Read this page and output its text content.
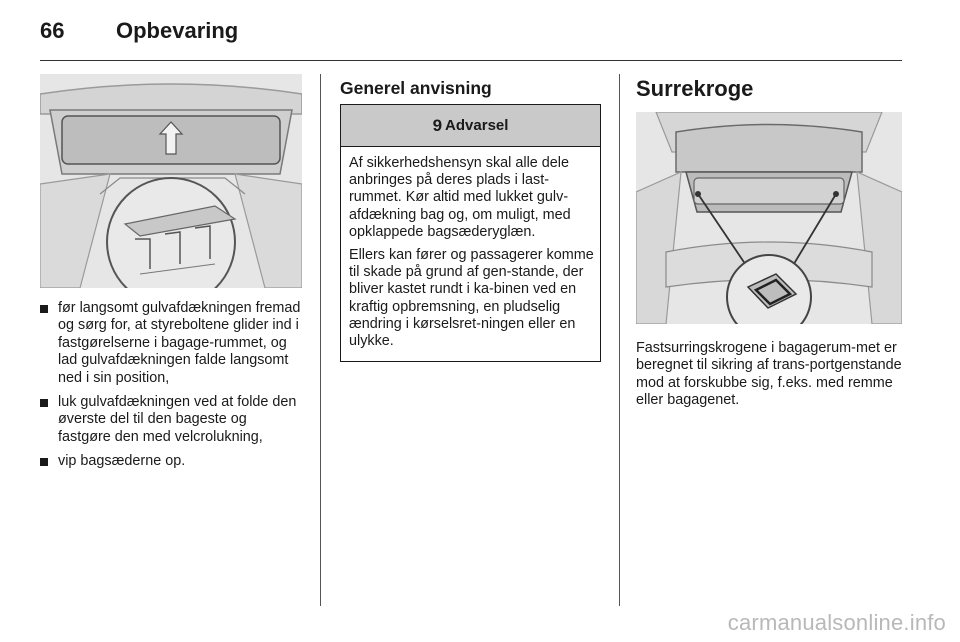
66 Opbevaring
før langsomt gulvafdækningen fremad og sørg for, at styreboltene glider ind i fastgørelserne i bagage-rummet, og lad gulvafdækningen falde langsomt ned i sin position,
luk gulvafdækningen ved at folde den øverste del til den bageste og fastgøre den med velcrolukning,
vip bagsæderne op.
Generel anvisning
9 Advarsel

Af sikkerhedshensyn skal alle dele anbringes på deres plads i last-rummet. Kør altid med lukket gulv-afdækning bag og, om muligt, med opklappede bagsæderyglæn.

Ellers kan fører og passagerer komme til skade på grund af gen-stande, der bliver kastet rundt i ka-binen ved en kraftig opbremsning, en pludselig ændring i kørselsret-ningen eller en ulykke.

Surrekroge
Fastsurringskrogene i bagagerum-met er beregnet til sikring af trans-portgenstande mod at forskubbe sig, f.eks. med remme eller bagagenet.
carmanualsonline.info
